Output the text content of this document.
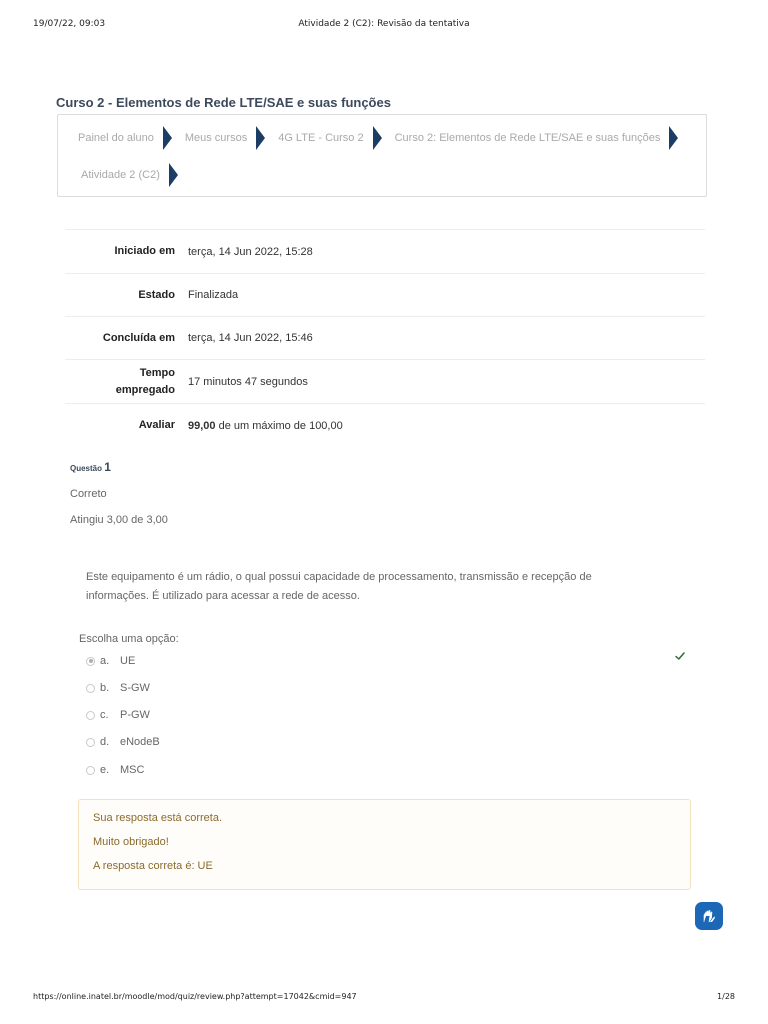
19/07/22, 09:03	Atividade 2 (C2): Revisão da tentativa
Curso 2 - Elementos de Rede LTE/SAE e suas funções
Painel do aluno	Meus cursos	4G LTE - Curso 2	Curso 2: Elementos de Rede LTE/SAE e suas funções
Atividade 2 (C2)
Iniciado em terça, 14 Jun 2022, 15:28
Estado Finalizada
Concluída em terça, 14 Jun 2022, 15:46
Tempo
empregado
17 minutos 47 segundos
Avaliar 99,00 de um máximo de 100,00
Questão 1
Correto
Atingiu 3,00 de 3,00
Este equipamento é um rádio, o qual possui capacidade de processamento, transmissão e recepção de informações. É utilizado para acessar a rede de acesso.
Escolha uma opção:
a. UE
b. S-GW
c.	P-GW
d. eNodeB
e. MSC
Sua resposta está correta.
Muito obrigado!
A resposta correta é: UE
https://online.inatel.br/moodle/mod/quiz/review.php?attempt=17042&cmid=947	1/28
